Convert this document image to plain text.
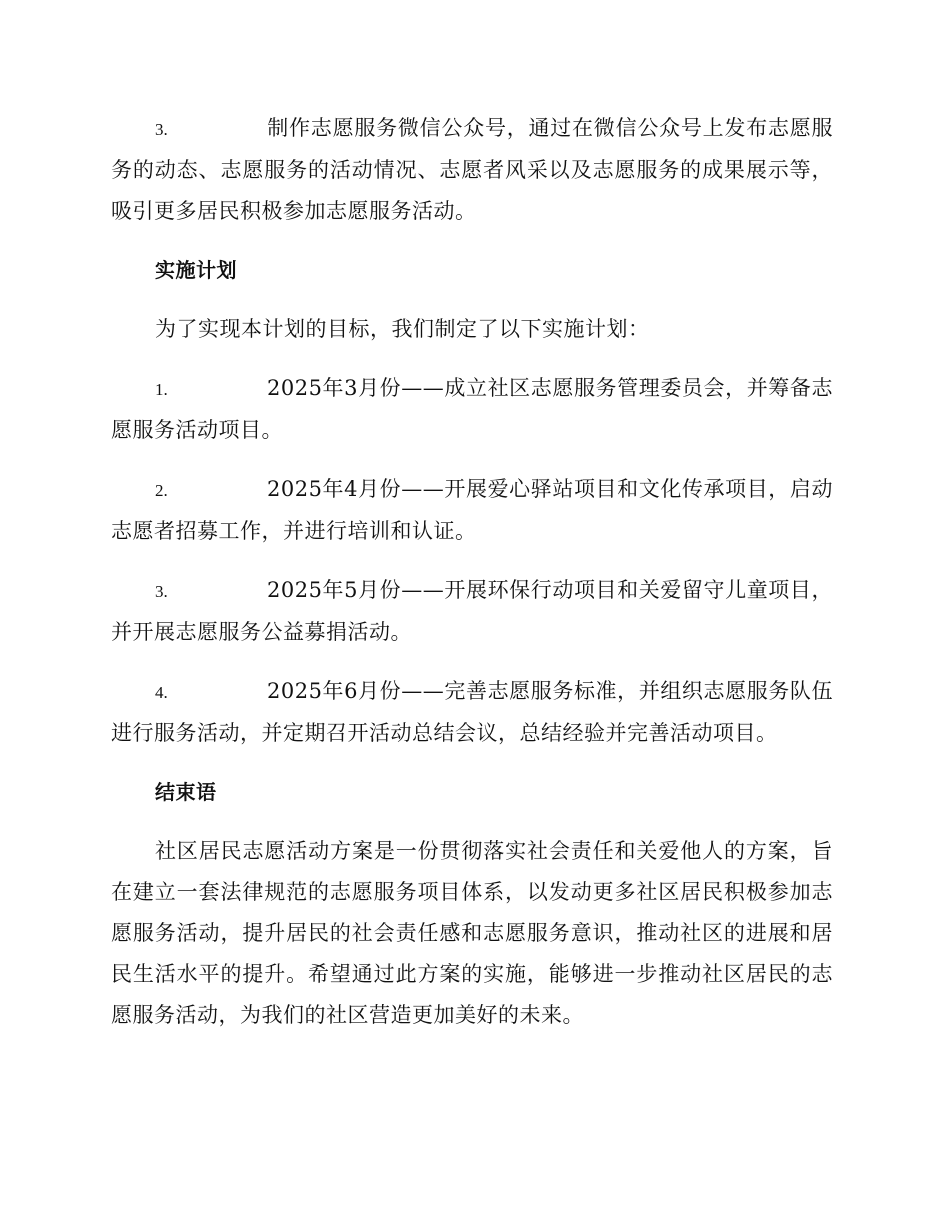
3.	制作志愿服务微信公众号，通过在微信公众号上发布志愿服务的动态、志愿服务的活动情况、志愿者风采以及志愿服务的成果展示等，吸引更多居民积极参加志愿服务活动。

实施计划

为了实现本计划的目标，我们制定了以下实施计划：

1.	2025年3月份——成立社区志愿服务管理委员会，并筹备志愿服务活动项目。

2.	2025年4月份——开展爱心驿站项目和文化传承项目，启动志愿者招募工作，并进行培训和认证。

3.	2025年5月份——开展环保行动项目和关爱留守儿童项目，并开展志愿服务公益募捐活动。

4.	2025年6月份——完善志愿服务标准，并组织志愿服务队伍进行服务活动，并定期召开活动总结会议，总结经验并完善活动项目。

结束语

社区居民志愿活动方案是一份贯彻落实社会责任和关爱他人的方案，旨在建立一套法律规范的志愿服务项目体系，以发动更多社区居民积极参加志愿服务活动，提升居民的社会责任感和志愿服务意识，推动社区的进展和居民生活水平的提升。希望通过此方案的实施，能够进一步推动社区居民的志愿服务活动，为我们的社区营造更加美好的未来。
